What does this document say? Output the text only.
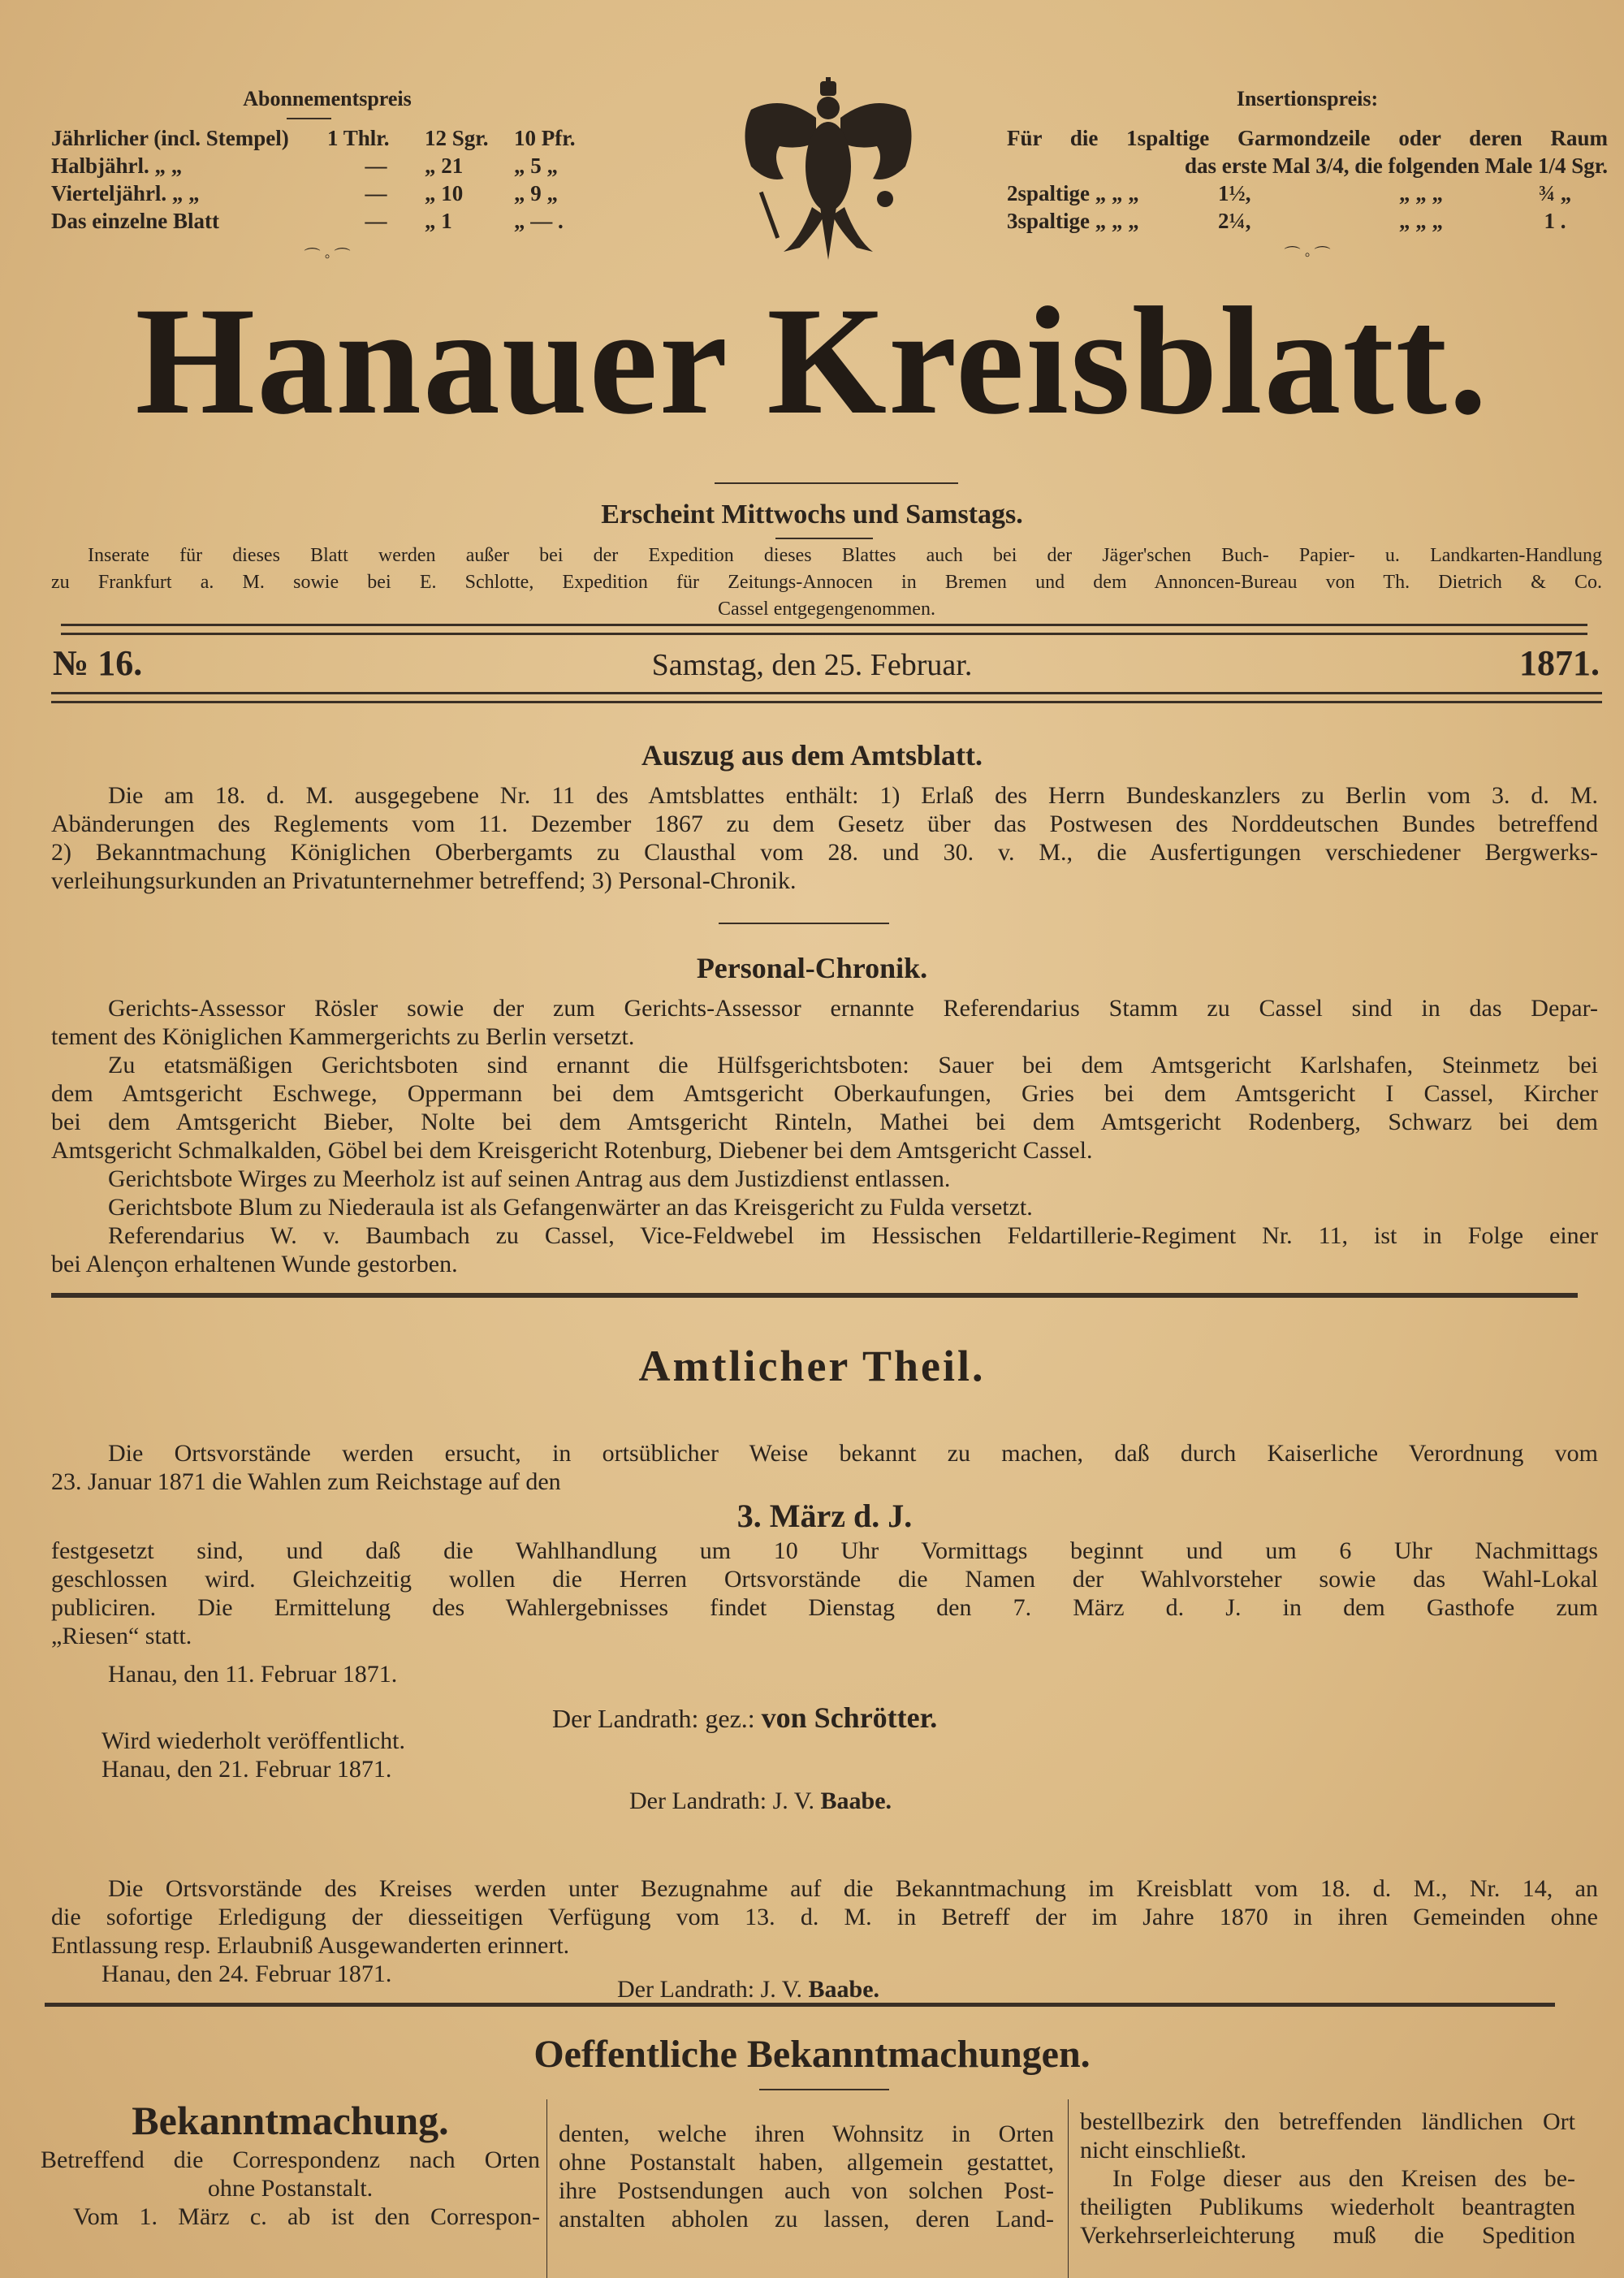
Abonnementspreis
Jährlicher (incl. Stempel)	1 Thlr.	12 Sgr.	10 Pfr.
Halbjährl. „ „	—	„ 21	„ 5 „
Vierteljährl. „ „	—	„ 10	„ 9 „
Das einzelne Blatt	—	„ 1	„ — .
⌒ ◦ ⌒
Insertionspreis:
Für die 1spaltige Garmondzeile oder deren Raum
das erste Mal 3/4, die folgenden Male 1/4 Sgr.
2spaltige „ „ „	1½,	„ „ „	¾ „
3spaltige „ „ „	2¼,	„ „ „	1 .
⌒ ◦ ⌒
Hanauer Kreisblatt.
Erscheint Mittwochs und Samstags.
Inserate für dieses Blatt werden außer bei der Expedition dieses Blattes auch bei der Jäger'schen Buch- Papier- u. Landkarten-Handlung
zu Frankfurt a. M. sowie bei E. Schlotte, Expedition für Zeitungs-Annocen in Bremen und dem Annoncen-Bureau von Th. Dietrich & Co.
Cassel entgegengenommen.
№ 16.	Samstag, den 25. Februar.	1871.
Auszug aus dem Amtsblatt.
Die am 18. d. M. ausgegebene Nr. 11 des Amtsblattes enthält: 1) Erlaß des Herrn Bundeskanzlers zu Berlin vom 3. d. M.
Abänderungen des Reglements vom 11. Dezember 1867 zu dem Gesetz über das Postwesen des Norddeutschen Bundes betreffend
2) Bekanntmachung Königlichen Oberbergamts zu Clausthal vom 28. und 30. v. M., die Ausfertigungen verschiedener Bergwerks-
verleihungsurkunden an Privatunternehmer betreffend; 3) Personal-Chronik.
Personal-Chronik.
Gerichts-Assessor Rösler sowie der zum Gerichts-Assessor ernannte Referendarius Stamm zu Cassel sind in das Depar-
tement des Königlichen Kammergerichts zu Berlin versetzt.
Zu etatsmäßigen Gerichtsboten sind ernannt die Hülfsgerichtsboten: Sauer bei dem Amtsgericht Karlshafen, Steinmetz bei
dem Amtsgericht Eschwege, Oppermann bei dem Amtsgericht Oberkaufungen, Gries bei dem Amtsgericht I Cassel, Kircher
bei dem Amtsgericht Bieber, Nolte bei dem Amtsgericht Rinteln, Mathei bei dem Amtsgericht Rodenberg, Schwarz bei dem
Amtsgericht Schmalkalden, Göbel bei dem Kreisgericht Rotenburg, Diebener bei dem Amtsgericht Cassel.
Gerichtsbote Wirges zu Meerholz ist auf seinen Antrag aus dem Justizdienst entlassen.
Gerichtsbote Blum zu Niederaula ist als Gefangenwärter an das Kreisgericht zu Fulda versetzt.
Referendarius W. v. Baumbach zu Cassel, Vice-Feldwebel im Hessischen Feldartillerie-Regiment Nr. 11, ist in Folge einer
bei Alençon erhaltenen Wunde gestorben.
Amtlicher Theil.
Die Ortsvorstände werden ersucht, in ortsüblicher Weise bekannt zu machen, daß durch Kaiserliche Verordnung vom
23. Januar 1871 die Wahlen zum Reichstage auf den
3. März d. J.
festgesetzt sind, und daß die Wahlhandlung um 10 Uhr Vormittags beginnt und um 6 Uhr Nachmittags
geschlossen wird. Gleichzeitig wollen die Herren Ortsvorstände die Namen der Wahlvorsteher sowie das Wahl-Lokal
publiciren. Die Ermittelung des Wahlergebnisses findet Dienstag den 7. März d. J. in dem Gasthofe zum
„Riesen“ statt.
Hanau, den 11. Februar 1871.
Der Landrath: gez.: von Schrötter.
Wird wiederholt veröffentlicht.
Hanau, den 21. Februar 1871.
Der Landrath: J. V. Baabe.
Die Ortsvorstände des Kreises werden unter Bezugnahme auf die Bekanntmachung im Kreisblatt vom 18. d. M., Nr. 14, an
die sofortige Erledigung der diesseitigen Verfügung vom 13. d. M. in Betreff der im Jahre 1870 in ihren Gemeinden ohne
Entlassung resp. Erlaubniß Ausgewanderten erinnert.
Hanau, den 24. Februar 1871.
Der Landrath: J. V. Baabe.
Oeffentliche Bekanntmachungen.
Bekanntmachung.
Betreffend die Correspondenz nach Orten
ohne Postanstalt.
Vom 1. März c. ab ist den Correspon-
denten, welche ihren Wohnsitz in Orten
ohne Postanstalt haben, allgemein gestattet,
ihre Postsendungen auch von solchen Post-
anstalten abholen zu lassen, deren Land-
bestellbezirk den betreffenden ländlichen Ort
nicht einschließt.
In Folge dieser aus den Kreisen des be-
theiligten Publikums wiederholt beantragten
Verkehrserleichterung muß die Spedition
